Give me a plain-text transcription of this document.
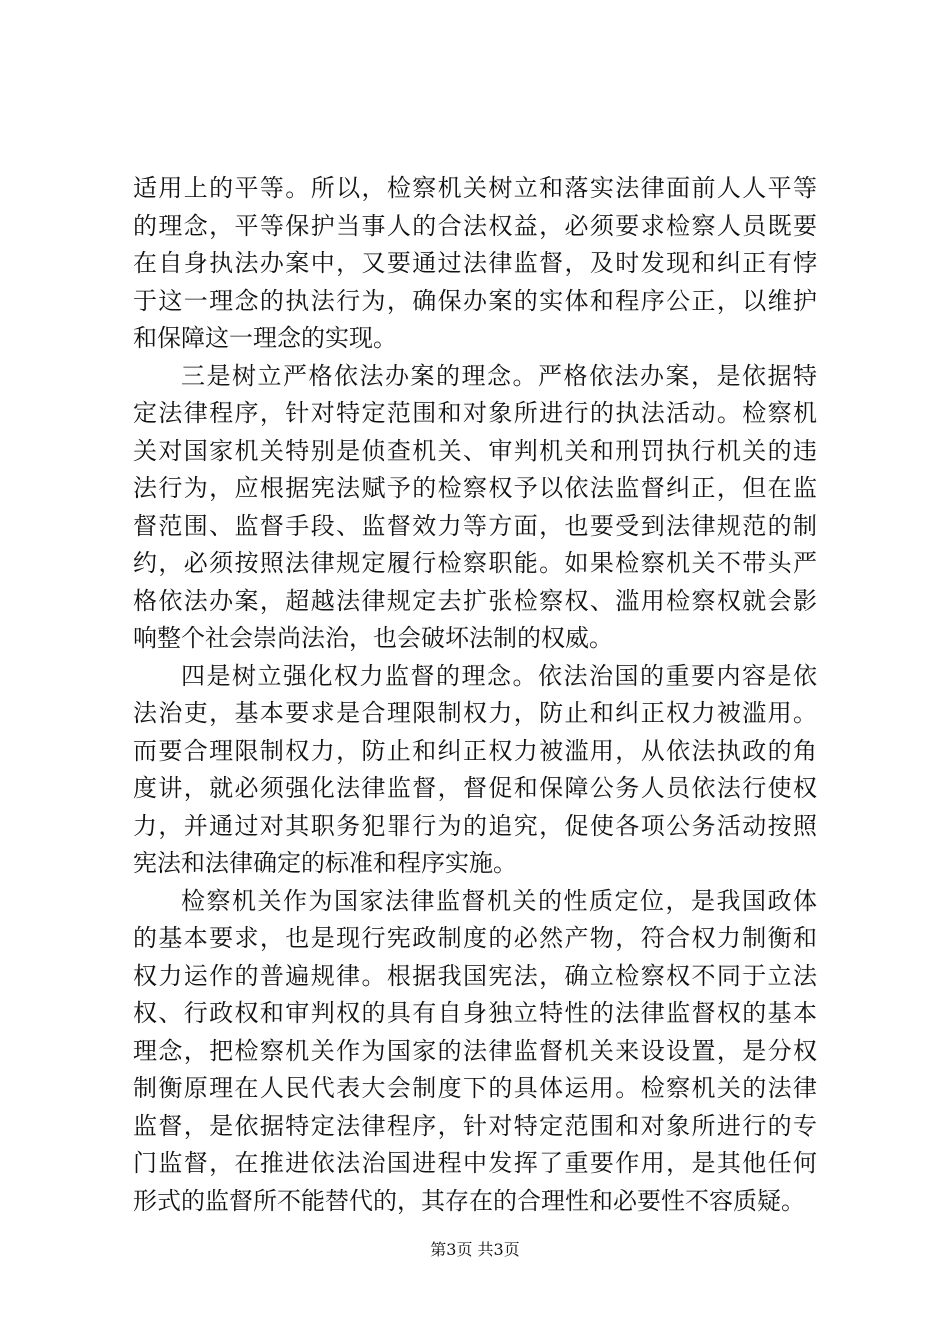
适用上的平等。所以，检察机关树立和落实法律面前人人平等
的理念，平等保护当事人的合法权益，必须要求检察人员既要
在自身执法办案中，又要通过法律监督，及时发现和纠正有悖
于这一理念的执法行为，确保办案的实体和程序公正，以维护
和保障这一理念的实现。
三是树立严格依法办案的理念。严格依法办案，是依据特
定法律程序，针对特定范围和对象所进行的执法活动。检察机
关对国家机关特别是侦查机关、审判机关和刑罚执行机关的违
法行为，应根据宪法赋予的检察权予以依法监督纠正，但在监
督范围、监督手段、监督效力等方面，也要受到法律规范的制
约，必须按照法律规定履行检察职能。如果检察机关不带头严
格依法办案，超越法律规定去扩张检察权、滥用检察权就会影
响整个社会崇尚法治，也会破坏法制的权威。
四是树立强化权力监督的理念。依法治国的重要内容是依
法治吏，基本要求是合理限制权力，防止和纠正权力被滥用。
而要合理限制权力，防止和纠正权力被滥用，从依法执政的角
度讲，就必须强化法律监督，督促和保障公务人员依法行使权
力，并通过对其职务犯罪行为的追究，促使各项公务活动按照
宪法和法律确定的标准和程序实施。
检察机关作为国家法律监督机关的性质定位，是我国政体
的基本要求，也是现行宪政制度的必然产物，符合权力制衡和
权力运作的普遍规律。根据我国宪法，确立检察权不同于立法
权、行政权和审判权的具有自身独立特性的法律监督权的基本
理念，把检察机关作为国家的法律监督机关来设设置，是分权
制衡原理在人民代表大会制度下的具体运用。检察机关的法律
监督，是依据特定法律程序，针对特定范围和对象所进行的专
门监督，在推进依法治国进程中发挥了重要作用，是其他任何
形式的监督所不能替代的，其存在的合理性和必要性不容质疑。
第3页 共3页
